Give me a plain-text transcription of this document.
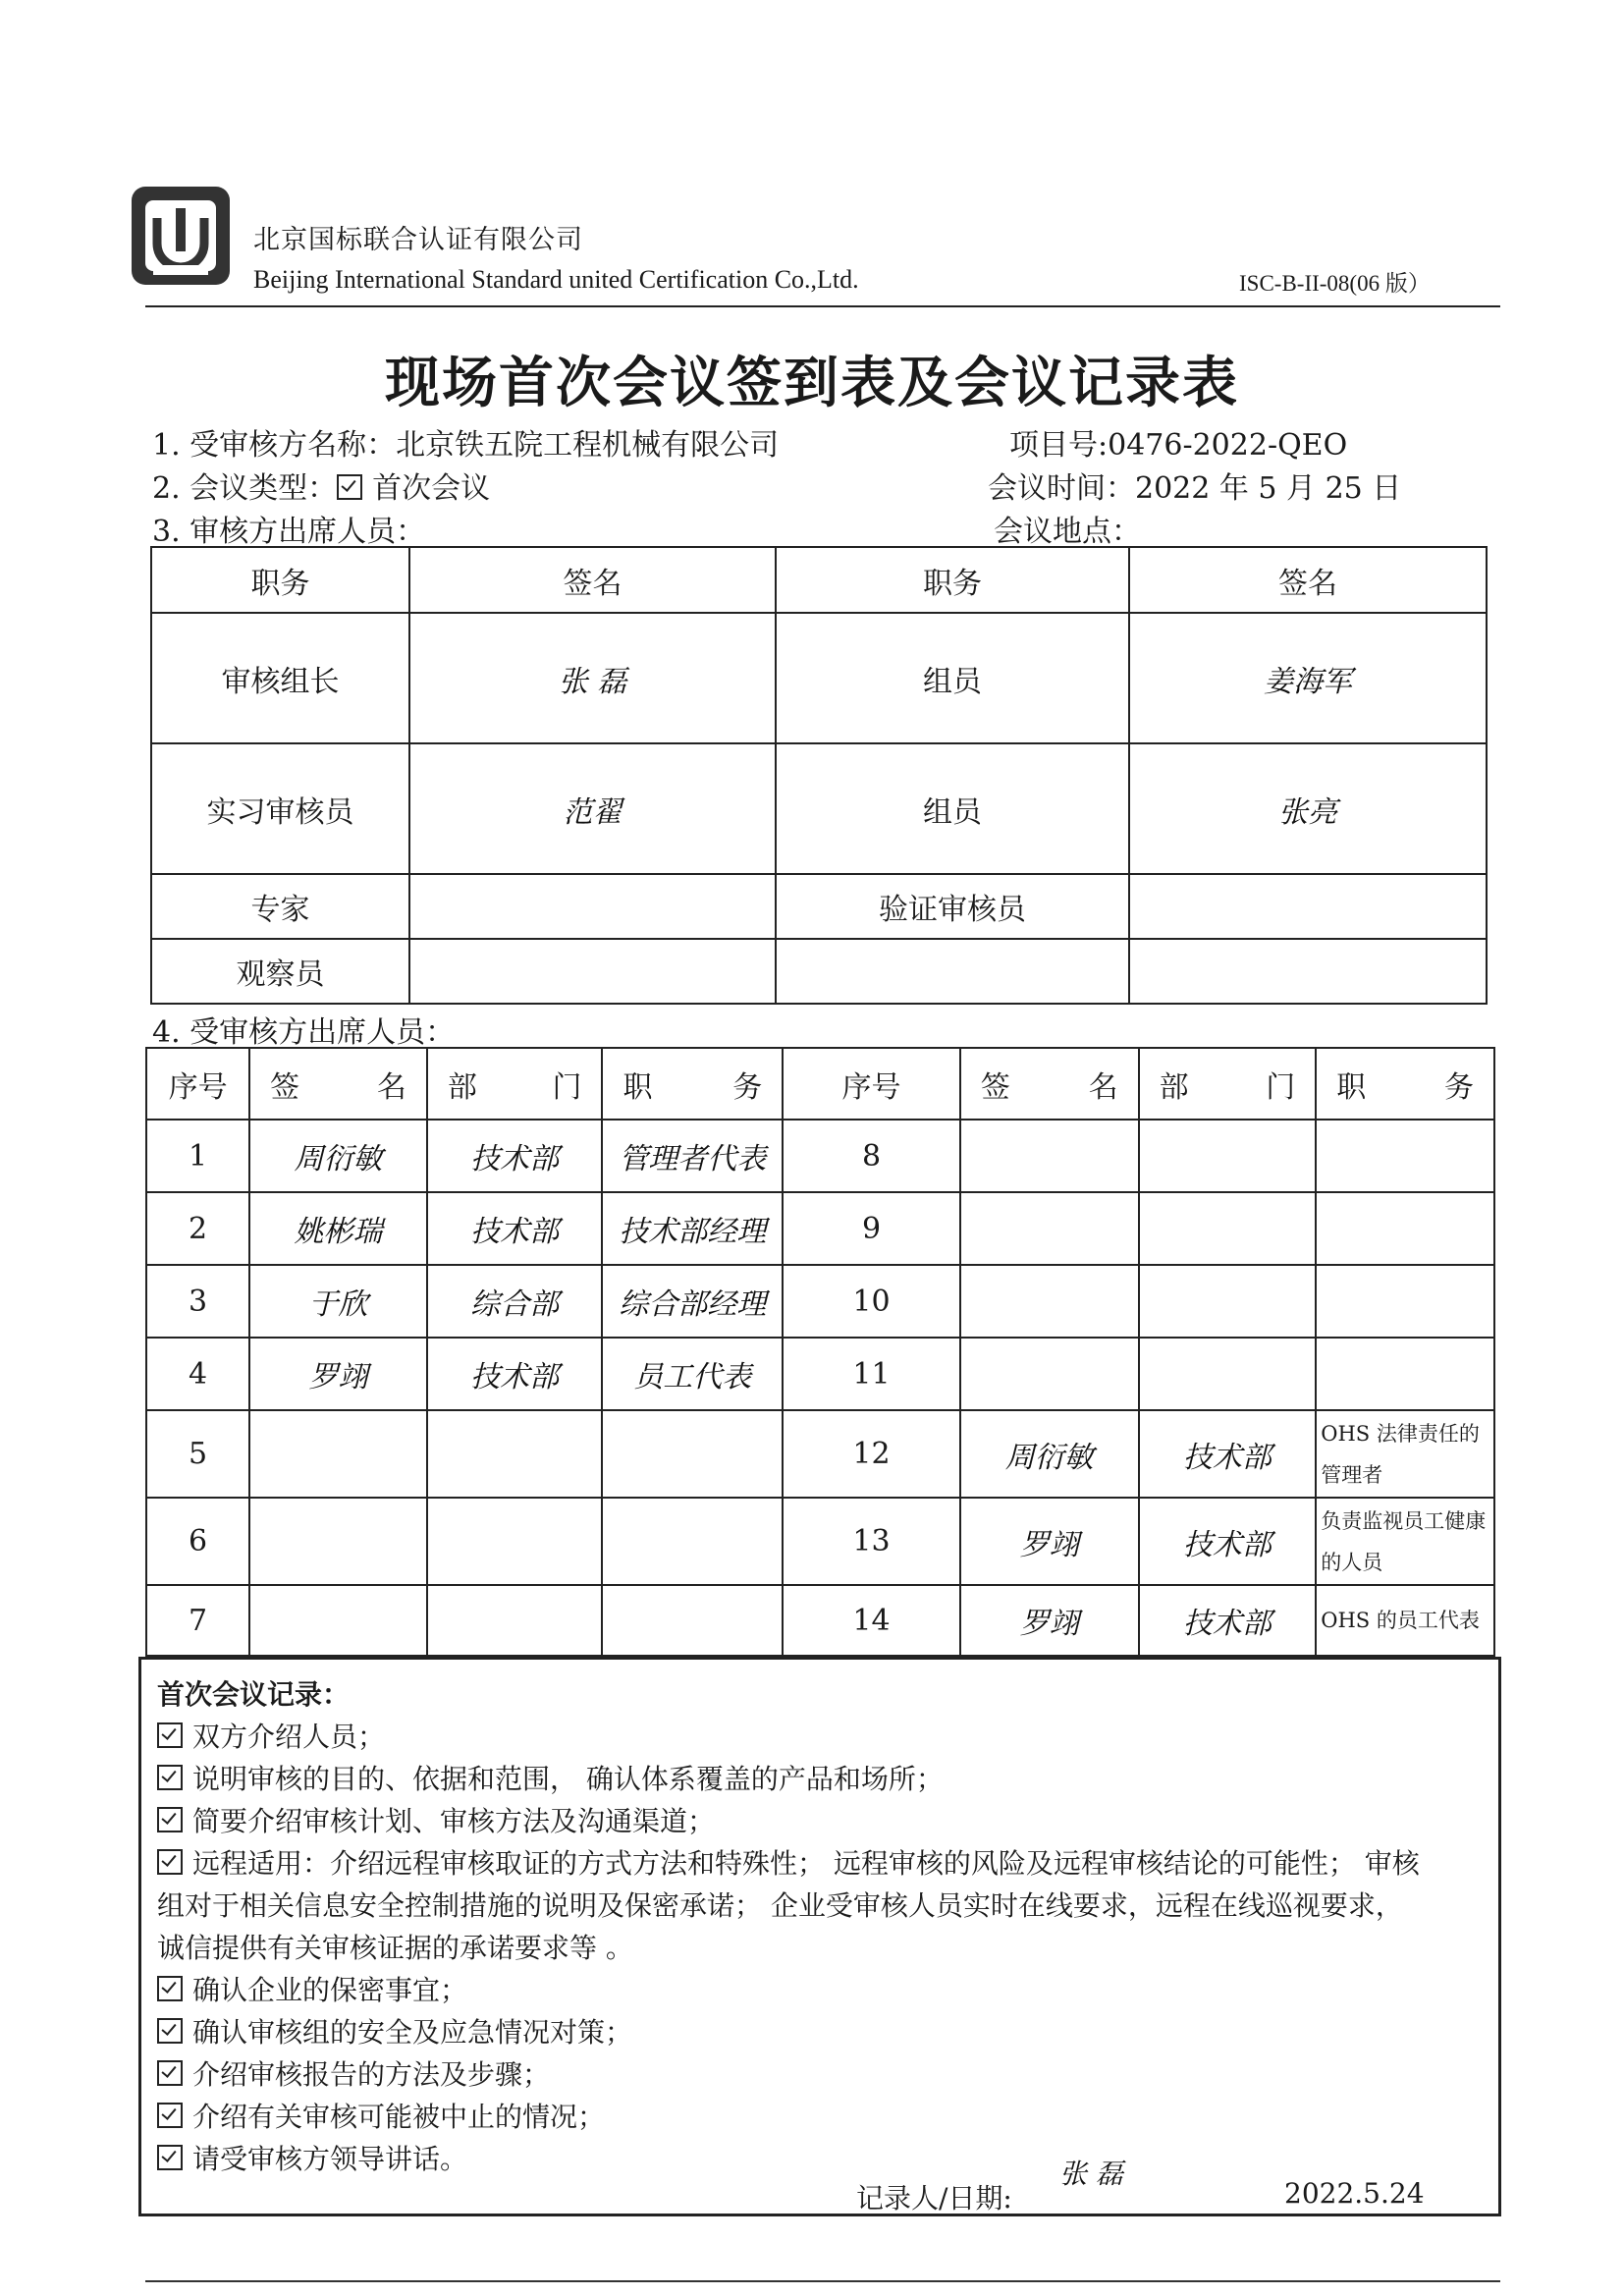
北京国标联合认证有限公司
Beijing International Standard united Certification Co.,Ltd.	ISC-B-II-08(06 版）
现场首次会议签到表及会议记录表
1. 受审核方名称：北京铁五院工程机械有限公司	项目号:0476-2022-QEO
2. 会议类型： 首次会议	会议时间：2022 年 5 月 25 日
3. 审核方出席人员：	会议地点：
职务	签名	职务	签名
审核组长	张 磊	组员	姜海军
实习审核员	范翟	组员	张亮
专家		验证审核员	
观察员			
4. 受审核方出席人员：
序号	签 名	部 门	职 务	序号	签 名	部 门	职 务

1	周衍敏	技术部	管理者代表	8			
2	姚彬瑞	技术部	技术部经理	9			
3	于欣	综合部	综合部经理	10			
4	罗翊	技术部	员工代表	11			
5				12	周衍敏	技术部	OHS 法律责任的管理者
6				13	罗翊	技术部	负责监视员工健康的人员
7				14	罗翊	技术部	OHS 的员工代表
首次会议记录：
双方介绍人员；
说明审核的目的、依据和范围， 确认体系覆盖的产品和场所；
简要介绍审核计划、审核方法及沟通渠道；
远程适用：介绍远程审核取证的方式方法和特殊性； 远程审核的风险及远程审核结论的可能性； 审核
组对于相关信息安全控制措施的说明及保密承诺； 企业受审核人员实时在线要求，远程在线巡视要求，
诚信提供有关审核证据的承诺要求等 。
确认企业的保密事宜；
确认审核组的安全及应急情况对策；
介绍审核报告的方法及步骤；
介绍有关审核可能被中止的情况；
请受审核方领导讲话。
记录人/日期:
张 磊
2022.5.24
